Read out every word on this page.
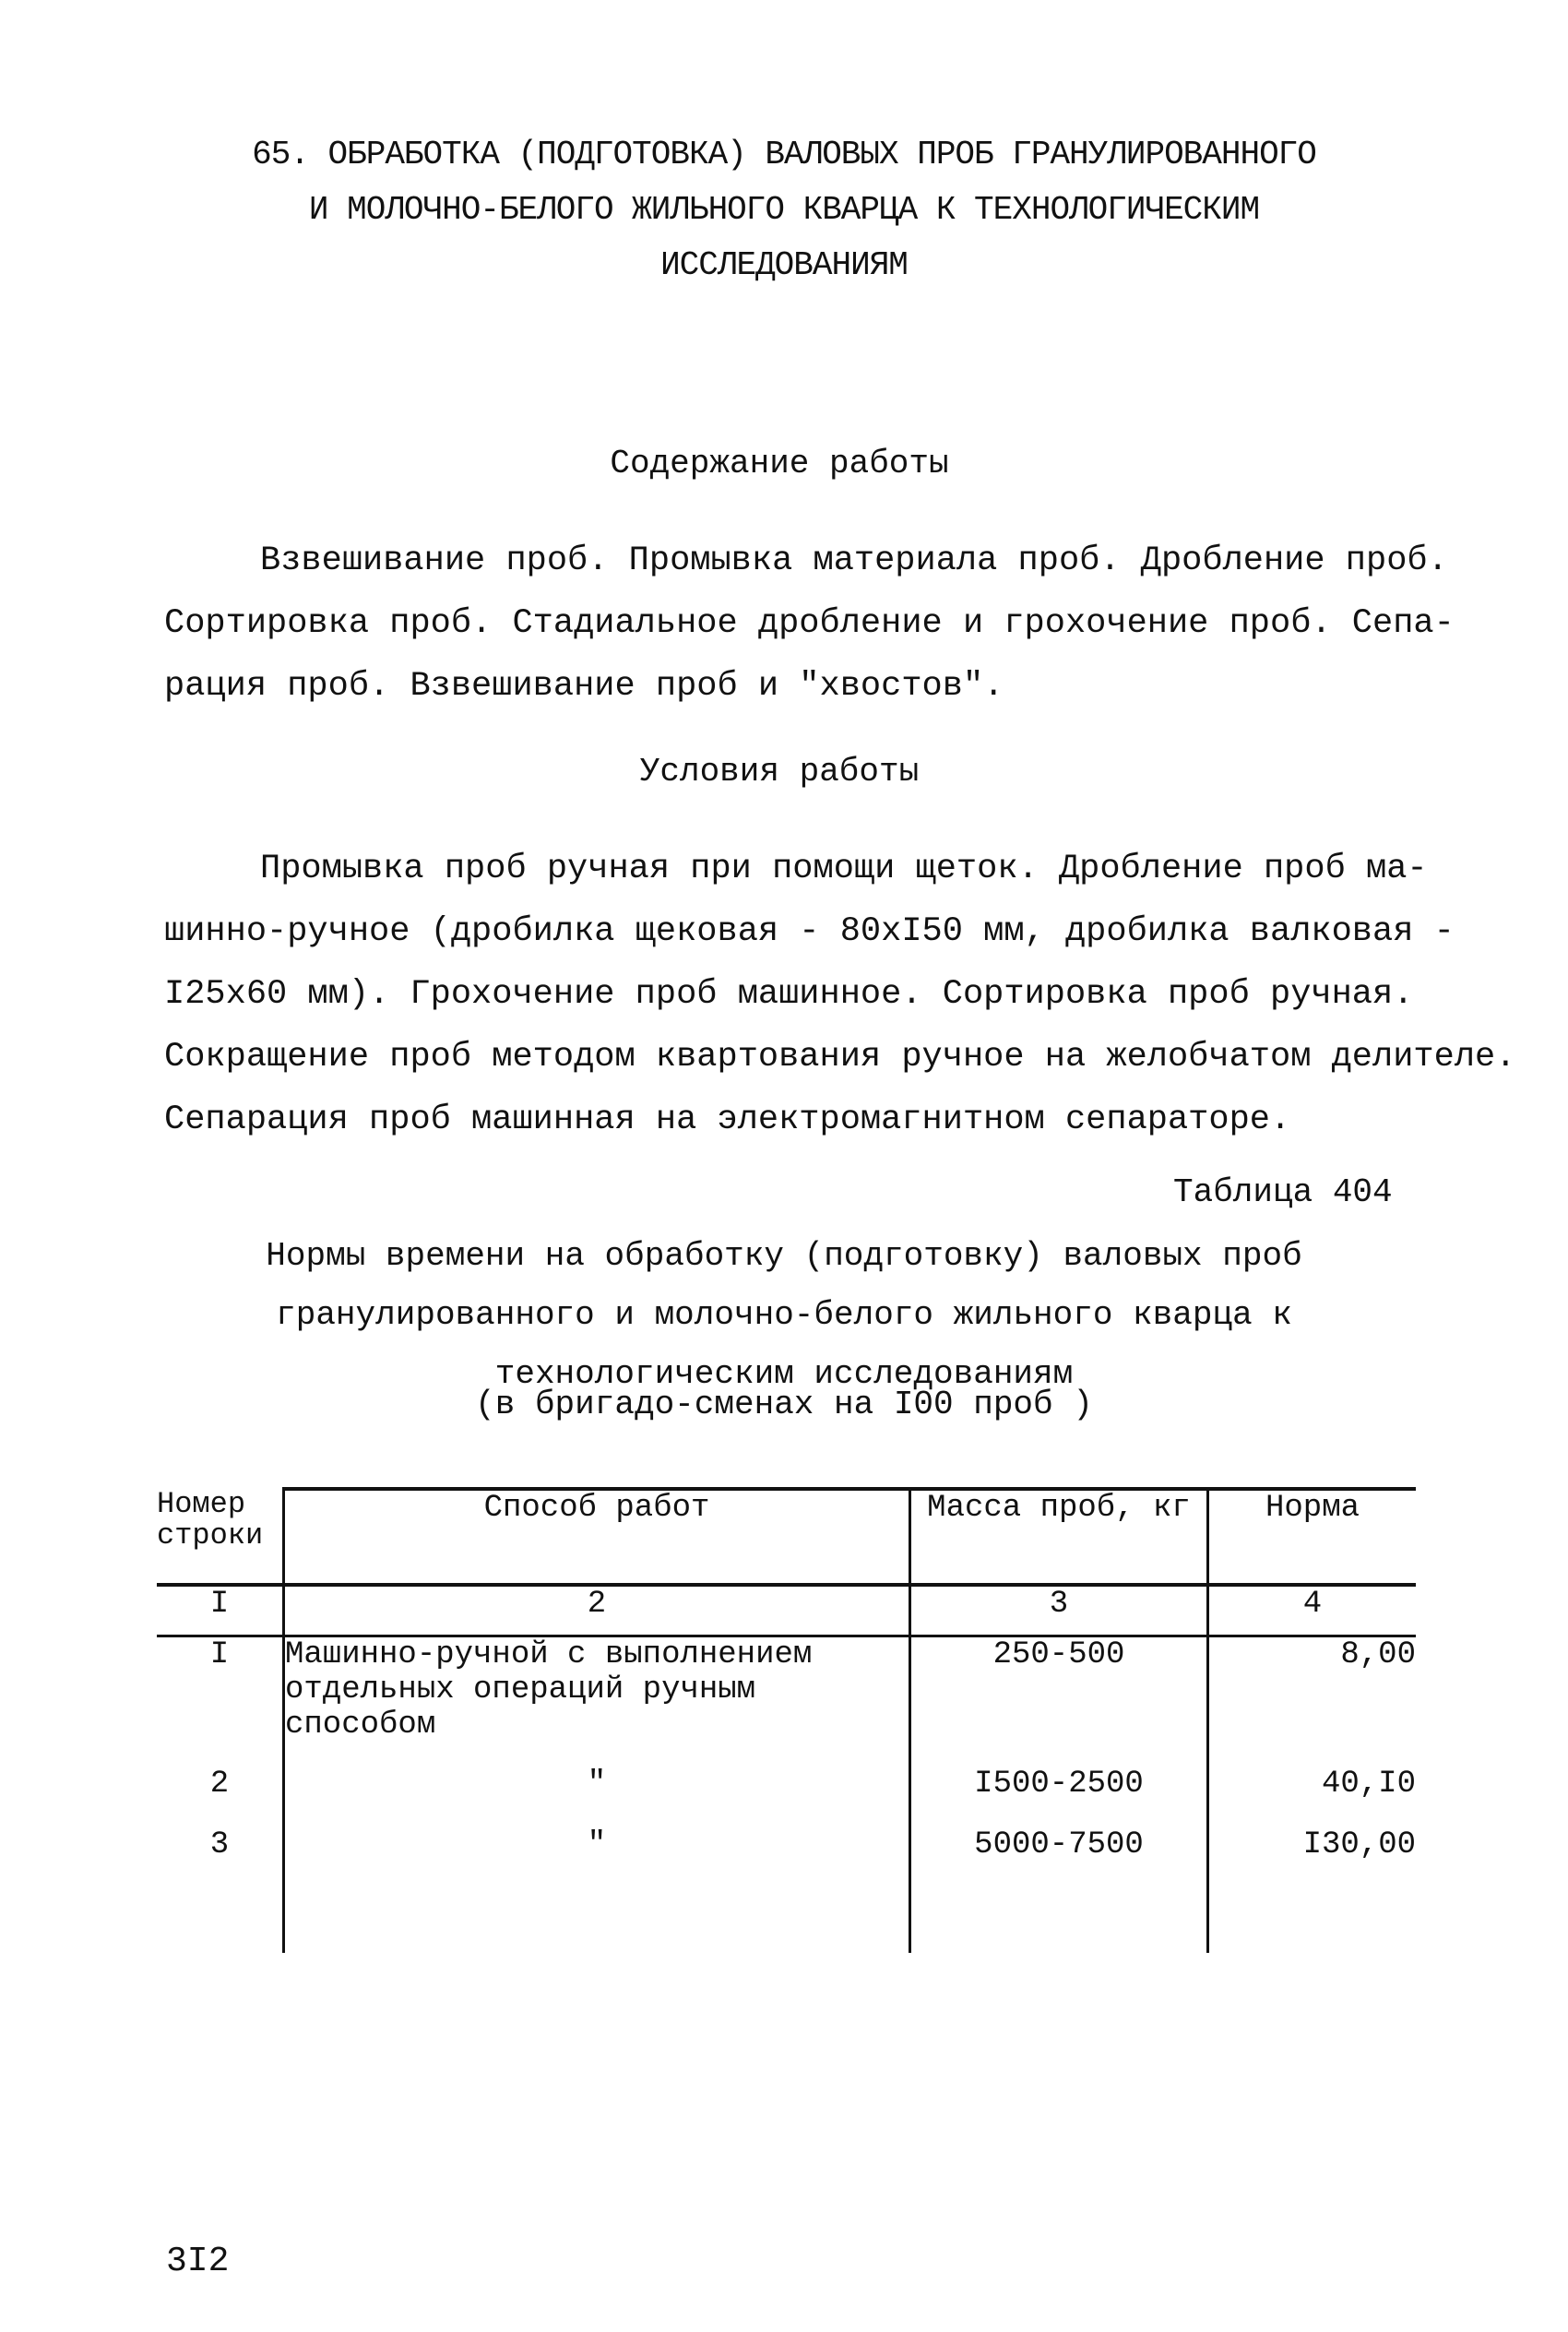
65. ОБРАБОТКА (ПОДГОТОВКА) ВАЛОВЫХ ПРОБ ГРАНУЛИРОВАННОГО
И МОЛОЧНО-БЕЛОГО ЖИЛЬНОГО КВАРЦА К ТЕХНОЛОГИЧЕСКИМ
ИССЛЕДОВАНИЯМ
Содержание работы
Взвешивание проб. Промывка материала проб. Дробление проб.
Сортировка проб. Стадиальное дробление и грохочение проб. Сепа-
рация проб. Взвешивание проб и "хвостов".
Условия работы
Промывка проб ручная при помощи щеток. Дробление проб ма-
шинно-ручное (дробилка щековая - 80хI50 мм, дробилка валковая -
I25х60 мм). Грохочение проб машинное. Сортировка проб ручная.
Сокращение проб методом квартования ручное на желобчатом делителе.
Сепарация проб машинная на электромагнитном сепараторе.
Таблица 404
Нормы времени на обработку (подготовку) валовых проб
гранулированного и молочно-белого жильного кварца к
технологическим исследованиям
(в бригадо-сменах на I00 проб )
Номер
строки	Способ работ	Масса проб, кг	Норма
I	2	3	4
I	Машинно-ручной с выполнением
отдельных операций ручным
способом	250-500	8,00
2	"	I500-2500	40,I0
3	"	5000-7500	I30,00

3I2
